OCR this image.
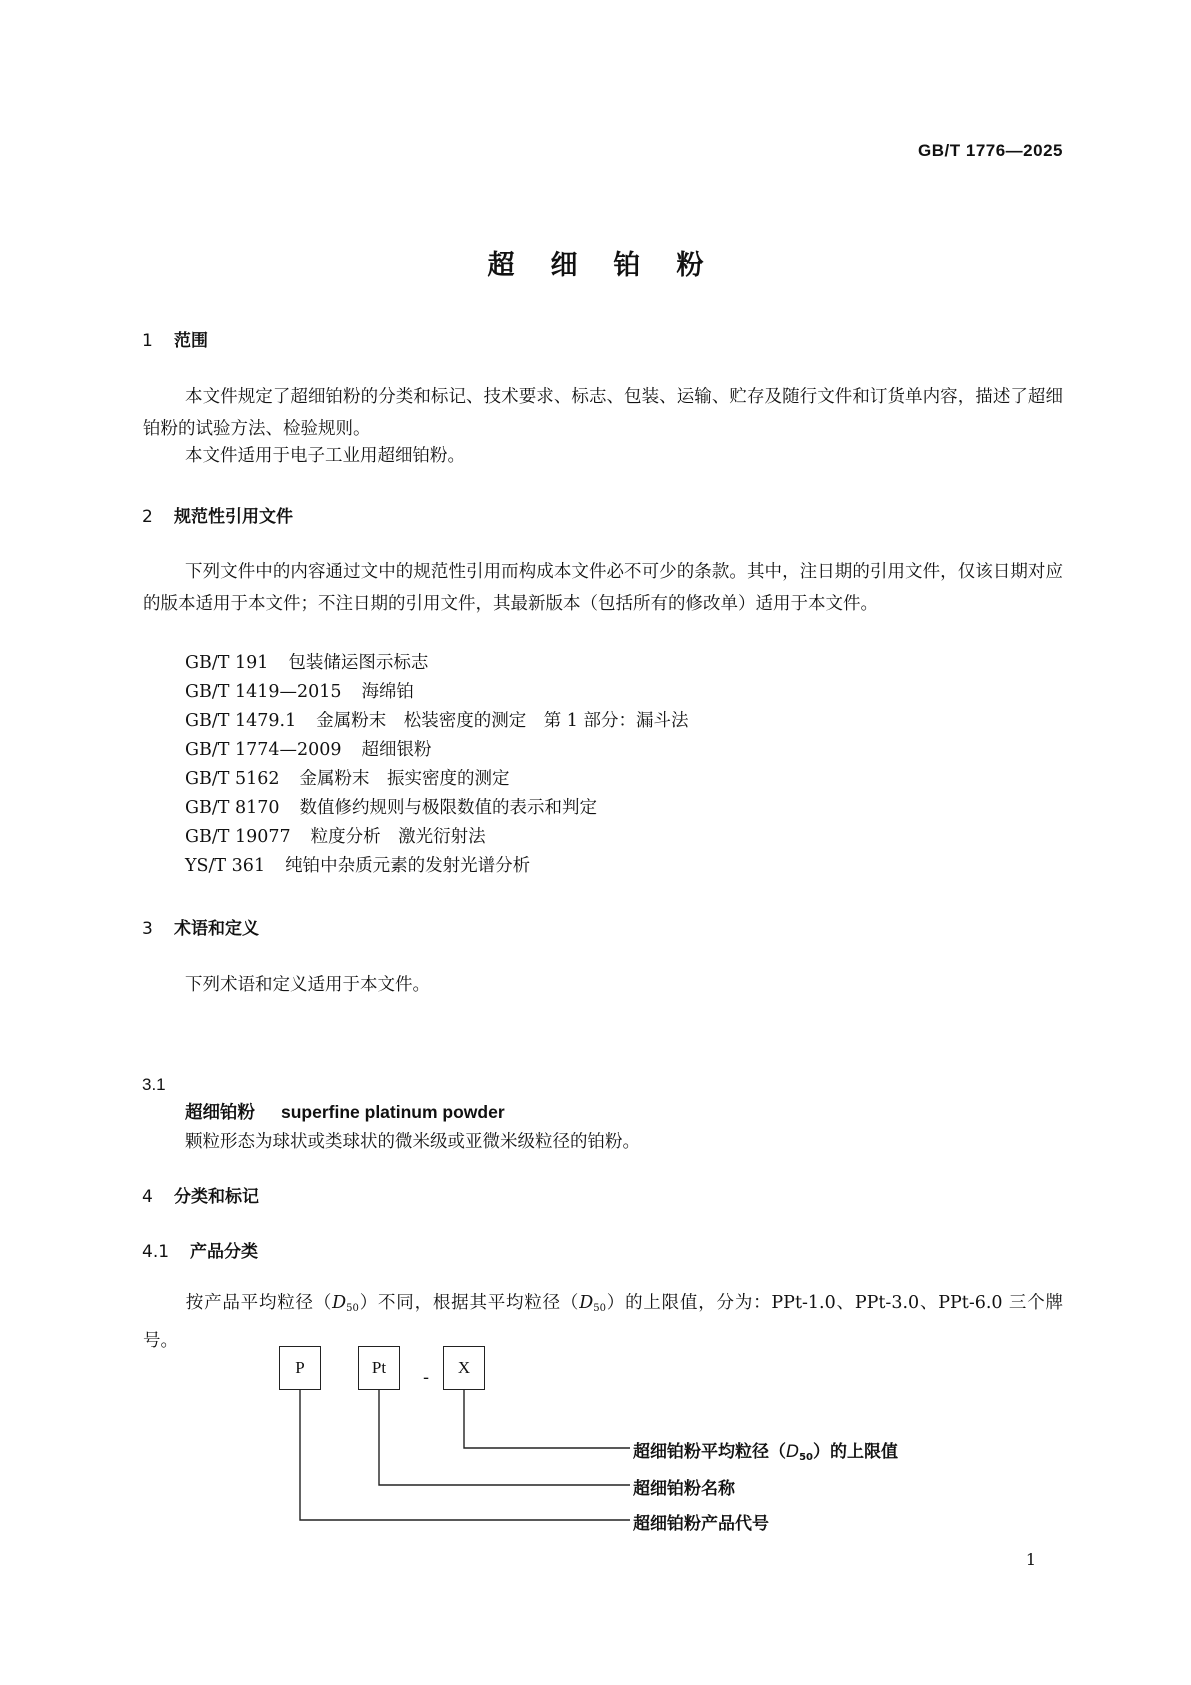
GB/T 1776—2025
超细铂粉
1 范围
本文件规定了超细铂粉的分类和标记、技术要求、标志、包装、运输、贮存及随行文件和订货单内容，描述了超细铂粉的试验方法、检验规则。
本文件适用于电子工业用超细铂粉。
2 规范性引用文件
下列文件中的内容通过文中的规范性引用而构成本文件必不可少的条款。其中，注日期的引用文件，仅该日期对应的版本适用于本文件；不注日期的引用文件，其最新版本（包括所有的修改单）适用于本文件。
GB/T 191 包装储运图示标志
GB/T 1419—2015 海绵铂
GB/T 1479.1 金属粉末　松装密度的测定　第 1 部分：漏斗法
GB/T 1774—2009 超细银粉
GB/T 5162 金属粉末　振实密度的测定
GB/T 8170 数值修约规则与极限数值的表示和判定
GB/T 19077 粒度分析　激光衍射法
YS/T 361 纯铂中杂质元素的发射光谱分析
3 术语和定义
下列术语和定义适用于本文件。
3.1
超细铂粉 superfine platinum powder
颗粒形态为球状或类球状的微米级或亚微米级粒径的铂粉。
4 分类和标记
4.1 产品分类
按产品平均粒径$(D_{50})$不同，根据其平均粒径$(D_{50})$的上限值，分为：PPt-1.0、PPt-3.0、PPt-6.0 三个牌号。
P	Pt	-	X
超细铂粉平均粒径$(D_{50})$的上限值
超细铂粉名称
超细铂粉产品代号
1
